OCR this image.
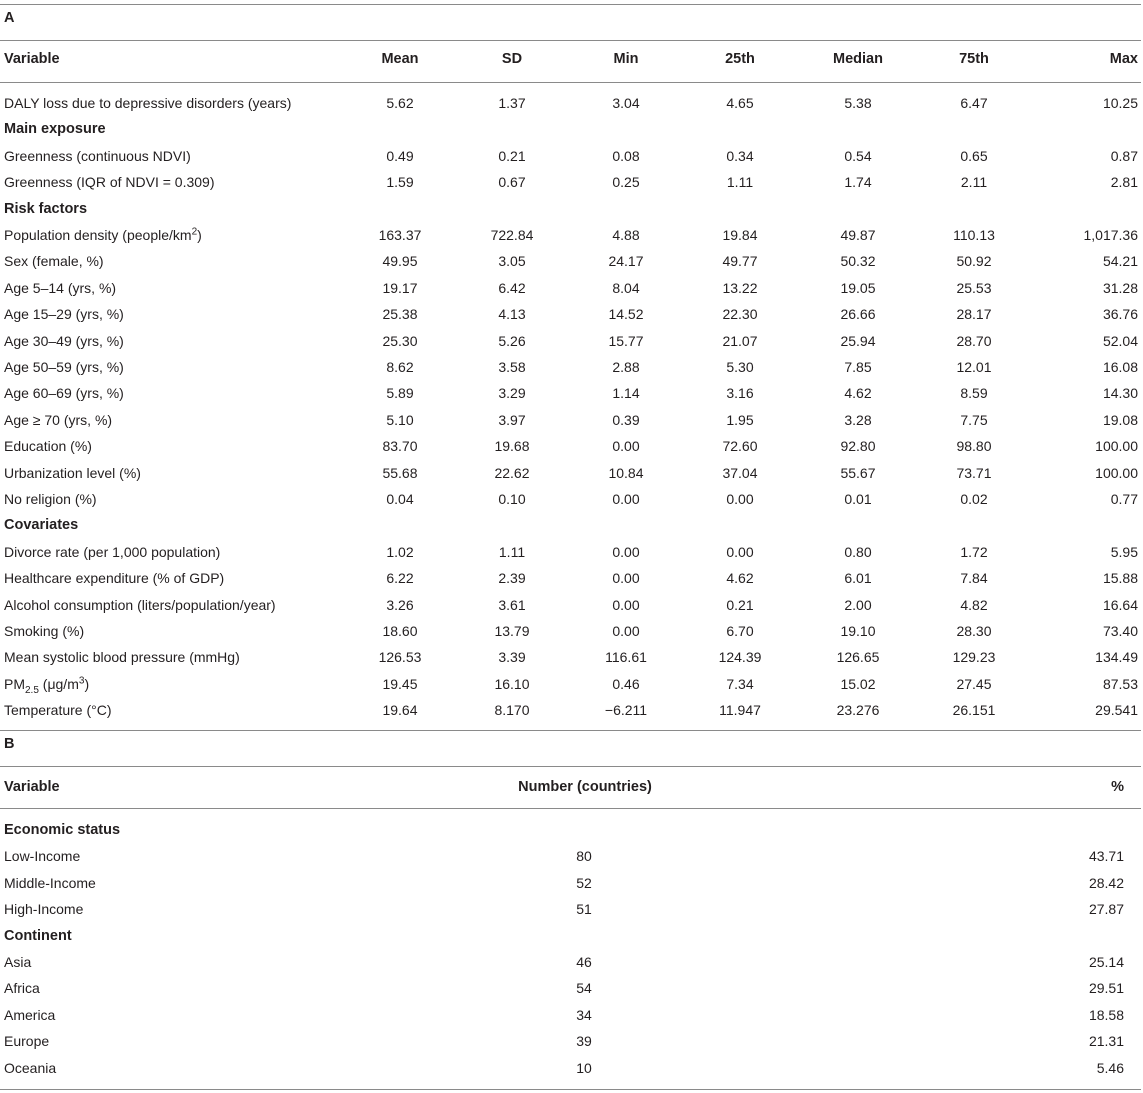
A
Variable	Mean	SD	Min	25th	Median	75th	Max
DALY loss due to depressive disorders (years)	5.62	1.37	3.04	4.65	5.38	6.47	10.25
Main exposure
Greenness (continuous NDVI)	0.49	0.21	0.08	0.34	0.54	0.65	0.87
Greenness (IQR of NDVI = 0.309)	1.59	0.67	0.25	1.11	1.74	2.11	2.81
Risk factors
Population density $(people/km^2)$	163.37	722.84	4.88	19.84	49.87	110.13	1,017.36
Sex (female, %)	49.95	3.05	24.17	49.77	50.32	50.92	54.21
Age 5–14 (yrs, %)	19.17	6.42	8.04	13.22	19.05	25.53	31.28
Age 15–29 (yrs, %)	25.38	4.13	14.52	22.30	26.66	28.17	36.76
Age 30–49 (yrs, %)	25.30	5.26	15.77	21.07	25.94	28.70	52.04
Age 50–59 (yrs, %)	8.62	3.58	2.88	5.30	7.85	12.01	16.08
Age 60–69 (yrs, %)	5.89	3.29	1.14	3.16	4.62	8.59	14.30
Age ≥ 70 (yrs, %)	5.10	3.97	0.39	1.95	3.28	7.75	19.08
Education (%)	83.70	19.68	0.00	72.60	92.80	98.80	100.00
Urbanization level (%)	55.68	22.62	10.84	37.04	55.67	73.71	100.00
No religion (%)	0.04	0.10	0.00	0.00	0.01	0.02	0.77
Covariates
Divorce rate (per 1,000 population)	1.02	1.11	0.00	0.00	0.80	1.72	5.95
Healthcare expenditure (% of GDP)	6.22	2.39	0.00	4.62	6.01	7.84	15.88
Alcohol consumption (liters/population/year)	3.26	3.61	0.00	0.21	2.00	4.82	16.64
Smoking (%)	18.60	13.79	0.00	6.70	19.10	28.30	73.40
Mean systolic blood pressure (mmHg)	126.53	3.39	116.61	124.39	126.65	129.23	134.49
$PM_{2.5}$ $(\mu g/m^3)$	19.45	16.10	0.46	7.34	15.02	27.45	87.53
Temperature (°C)	19.64	8.170	−6.211	11.947	23.276	26.151	29.541
B
Variable	Number (countries)	%
Economic status
Low-Income	80	43.71
Middle-Income	52	28.42
High-Income	51	27.87
Continent
Asia	46	25.14
Africa	54	29.51
America	34	18.58
Europe	39	21.31
Oceania	10	5.46
